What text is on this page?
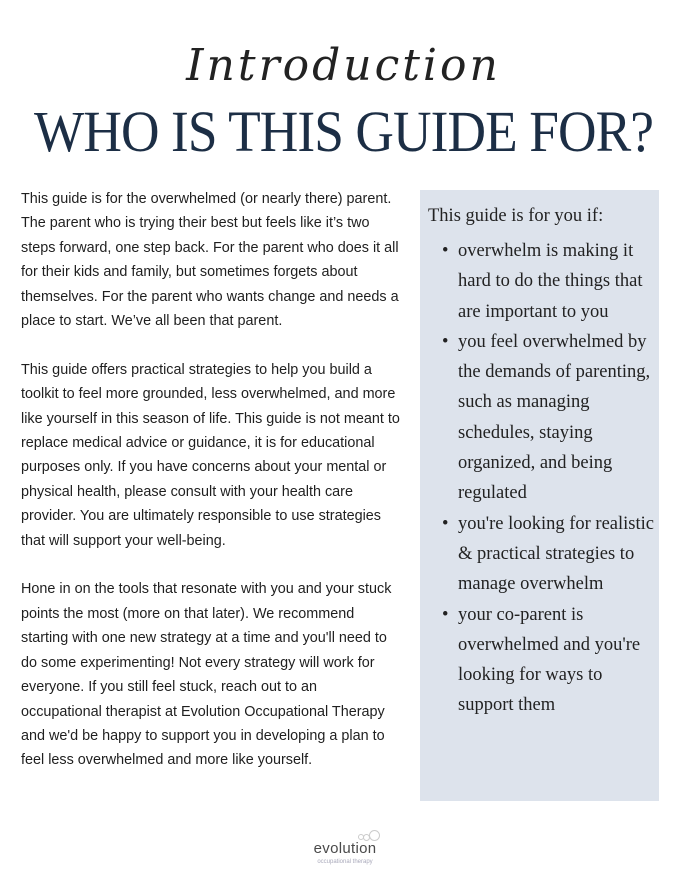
Introduction
WHO IS THIS GUIDE FOR?

This guide is for the overwhelmed (or nearly there) parent. The parent who is trying their best but feels like it’s two steps forward, one step back. For the parent who does it all for their kids and family, but sometimes forgets about themselves. For the parent who wants change and needs a place to start. We’ve all been that parent.

This guide offers practical strategies to help you build a toolkit to feel more grounded, less overwhelmed, and more like yourself in this season of life. This guide is not meant to replace medical advice or guidance, it is for educational purposes only. If you have concerns about your mental or physical health, please consult with your health care provider. You are ultimately responsible to use strategies that will support your well-being.

Hone in on the tools that resonate with you and your stuck points the most (more on that later). We recommend starting with one new strategy at a time and you'll need to do some experimenting! Not every strategy will work for everyone. If you still feel stuck, reach out to an occupational therapist at Evolution Occupational Therapy and we'd be happy to support you in developing a plan to feel less overwhelmed and more like yourself.

This guide is for you if:
• overwhelm is making it hard to do the things that are important to you
• you feel overwhelmed by the demands of parenting, such as managing schedules, staying organized, and being regulated
• you're looking for realistic & practical strategies to manage overwhelm
• your co-parent is overwhelmed and you're looking for ways to support them
evolution
occupational therapy
